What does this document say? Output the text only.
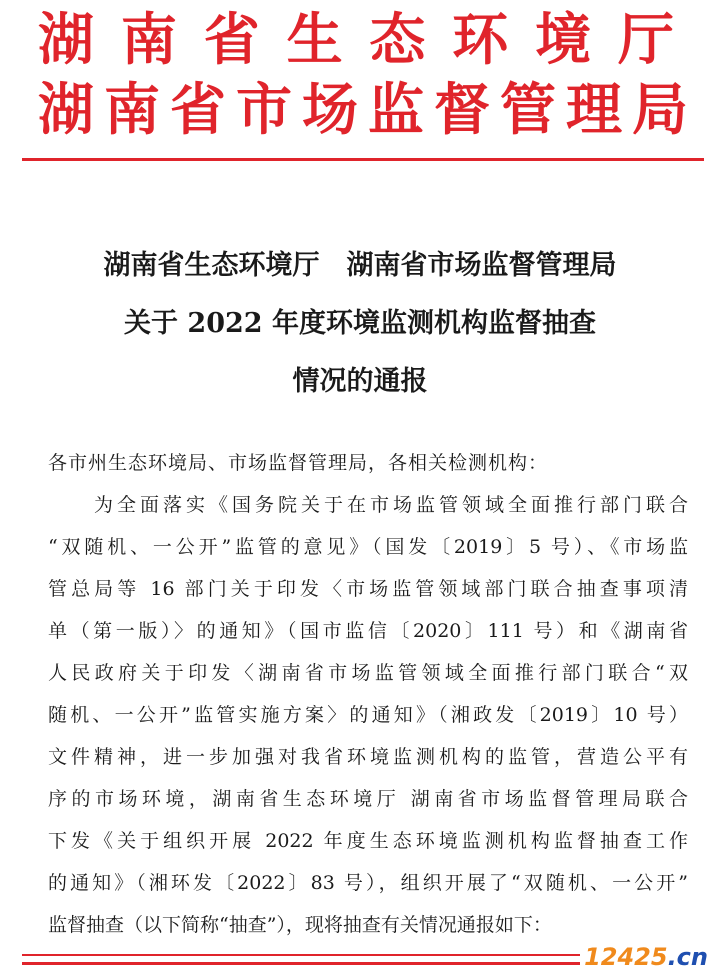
湖南省生态环境厅
湖南省市场监督管理局
湖南省生态环境厅　湖南省市场监督管理局
关于 2022 年度环境监测机构监督抽查
情况的通报
各市州生态环境局、市场监督管理局，各相关检测机构：
　　为全面落实《国务院关于在市场监管领域全面推行部门联合
“双随机、一公开”监管的意见》（国发〔2019〕5 号）、《市场监
管总局等 16 部门关于印发〈市场监管领域部门联合抽查事项清
单（第一版）〉的通知》（国市监信〔2020〕111 号）和《湖南省
人民政府关于印发〈湖南省市场监管领域全面推行部门联合“双
随机、一公开”监管实施方案〉的通知》（湘政发〔2019〕10 号）
文件精神，进一步加强对我省环境监测机构的监管，营造公平有
序的市场环境，湖南省生态环境厅 湖南省市场监督管理局联合
下发《关于组织开展 2022 年度生态环境监测机构监督抽查工作
的通知》（湘环发〔2022〕83 号），组织开展了“双随机、一公开”
监督抽查（以下简称“抽查”），现将抽查有关情况通报如下：
12425.cn
